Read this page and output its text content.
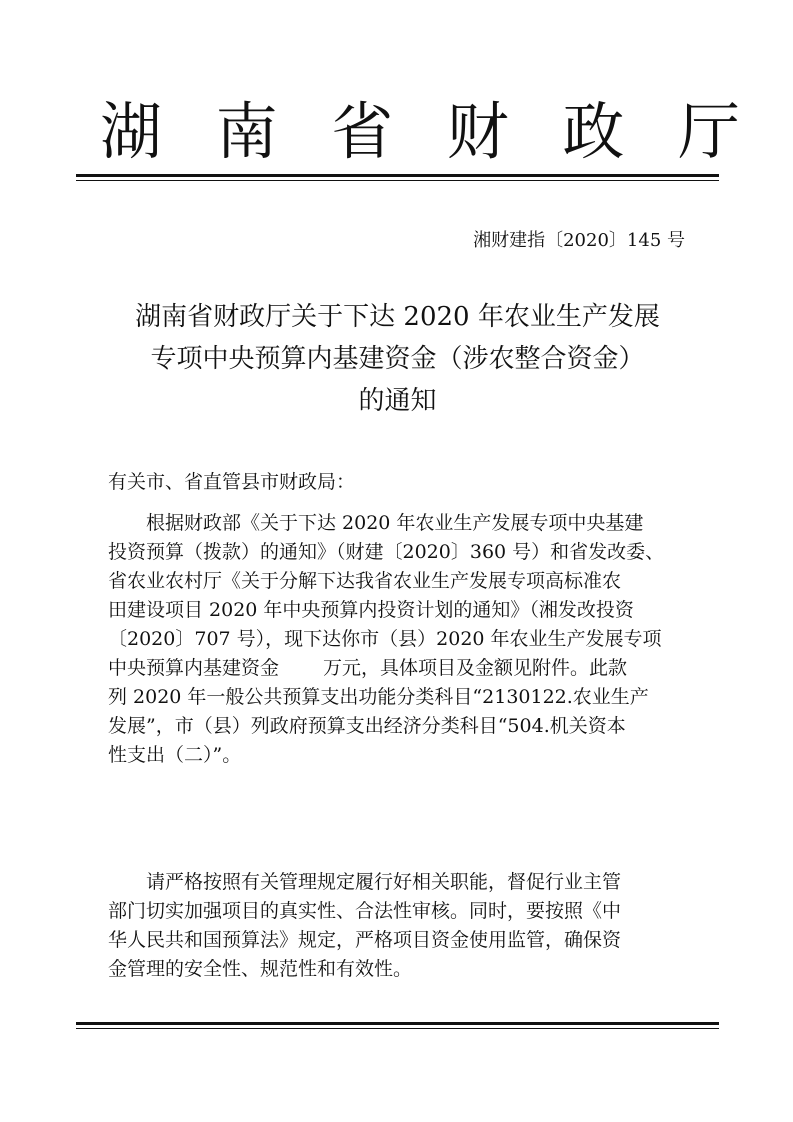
湖 南 省 财 政 厅
湘财建指〔2020〕145 号
湖南省财政厅关于下达 2020 年农业生产发展
专项中央预算内基建资金（涉农整合资金）
的通知
有关市、省直管县市财政局：
根据财政部《关于下达 2020 年农业生产发展专项中央基建
投资预算（拨款）的通知》（财建〔2020〕360 号）和省发改委、
省农业农村厅《关于分解下达我省农业生产发展专项高标准农
田建设项目 2020 年中央预算内投资计划的通知》（湘发改投资
〔2020〕707 号），现下达你市（县）2020 年农业生产发展专项
中央预算内基建资金　　 万元，具体项目及金额见附件。此款
列 2020 年一般公共预算支出功能分类科目“2130122.农业生产
发展”，市（县）列政府预算支出经济分类科目“504.机关资本
性支出（二）”。
请严格按照有关管理规定履行好相关职能，督促行业主管
部门切实加强项目的真实性、合法性审核。同时，要按照《中
华人民共和国预算法》规定，严格项目资金使用监管，确保资
金管理的安全性、规范性和有效性。
